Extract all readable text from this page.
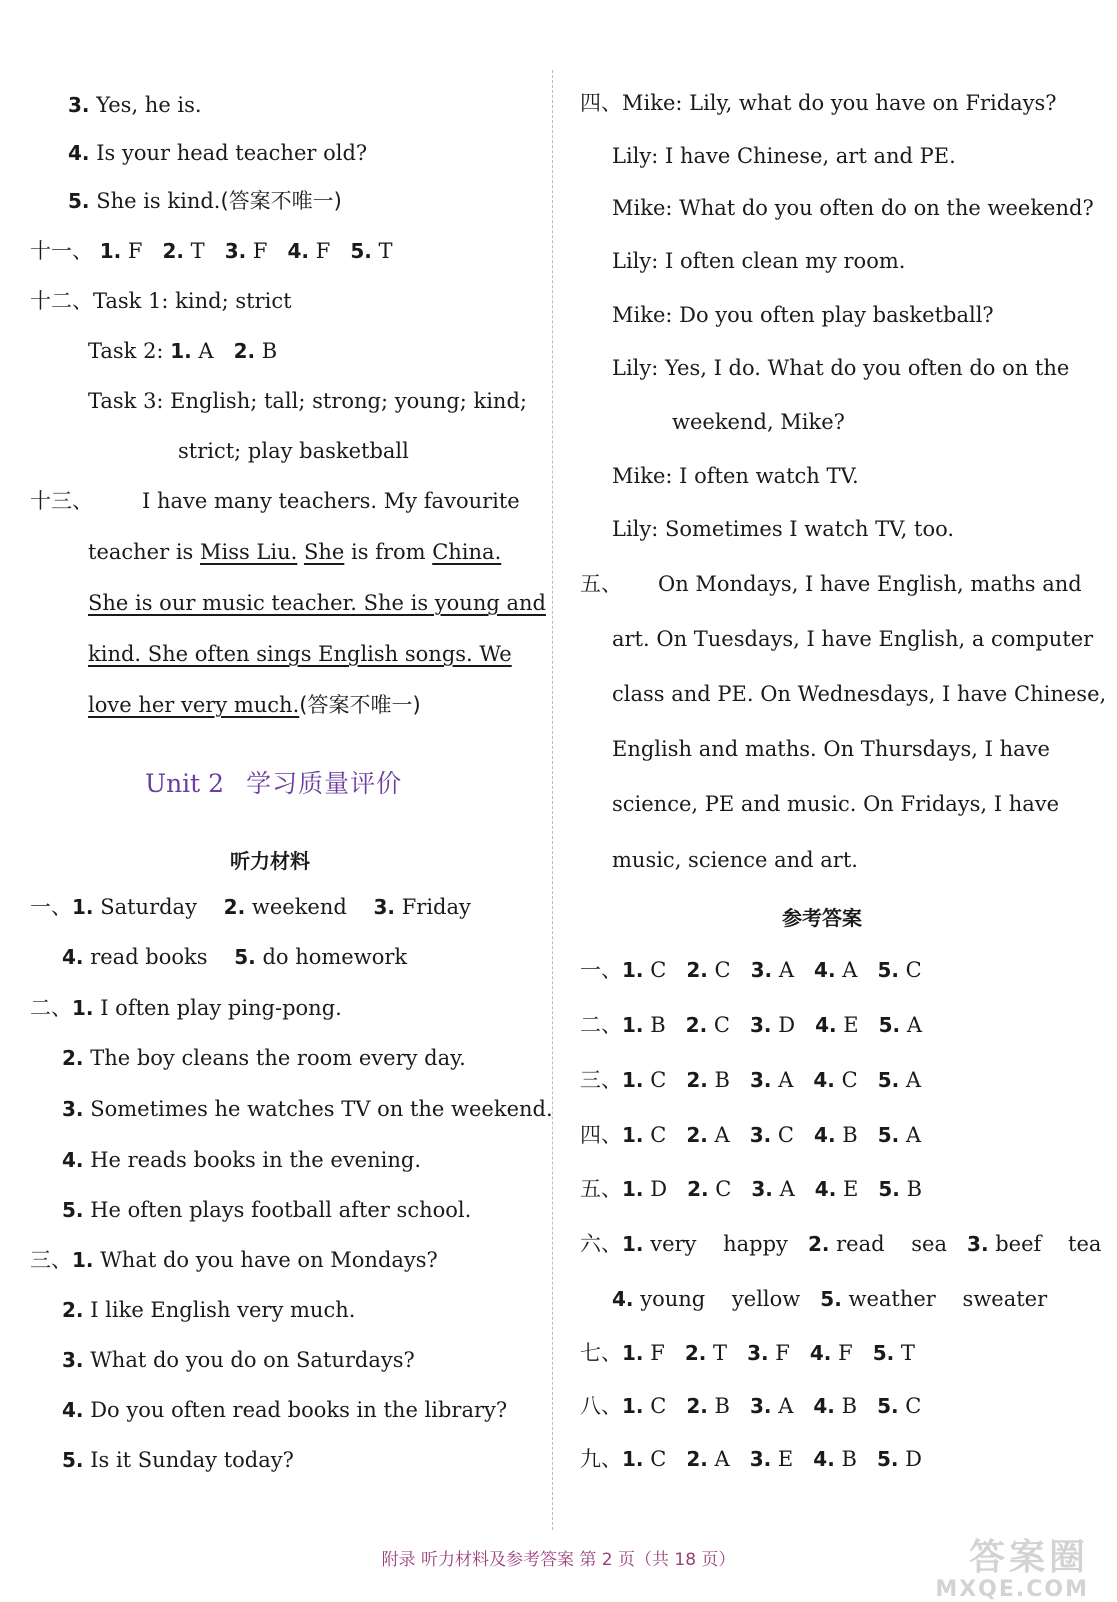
3. Yes, he is.
4. Is your head teacher old?
5. She is kind.(答案不唯一)
十一、 1. F 2. T 3. F 4. F 5. T
十二、Task 1: kind; strict
Task 2: 1. A 2. B
Task 3: English; tall; strong; young; kind;
strict; play basketball
十三、 I have many teachers. My favourite
teacher is Miss Liu. She is from China.
She is our music teacher. She is young and
kind. She often sings English songs. We
love her very much.(答案不唯一)
Unit 2 学习质量评价
听力材料
一、1. Saturday 2. weekend 3. Friday
4. read books 5. do homework
二、1. I often play ping-pong.
2. The boy cleans the room every day.
3. Sometimes he watches TV on the weekend.
4. He reads books in the evening.
5. He often plays football after school.
三、1. What do you have on Mondays?
2. I like English very much.
3. What do you do on Saturdays?
4. Do you often read books in the library?
5. Is it Sunday today?
四、Mike: Lily, what do you have on Fridays?
Lily: I have Chinese, art and PE.
Mike: What do you often do on the weekend?
Lily: I often clean my room.
Mike: Do you often play basketball?
Lily: Yes, I do. What do you often do on the
weekend, Mike?
Mike: I often watch TV.
Lily: Sometimes I watch TV, too.
五、 On Mondays, I have English, maths and
art. On Tuesdays, I have English, a computer
class and PE. On Wednesdays, I have Chinese,
English and maths. On Thursdays, I have
science, PE and music. On Fridays, I have
music, science and art.
参考答案
一、1. C 2. C 3. A 4. A 5. C
二、1. B 2. C 3. D 4. E 5. A
三、1. C 2. B 3. A 4. C 5. A
四、1. C 2. A 3. C 4. B 5. A
五、1. D 2. C 3. A 4. E 5. B
六、1. very    happy 2. read    sea 3. beef    tea
4. young    yellow 5. weather    sweater
七、1. F 2. T 3. F 4. F 5. T
八、1. C 2. B 3. A 4. B 5. C
九、1. C 2. A 3. E 4. B 5. D
附录 听力材料及参考答案 第 2 页（共 18 页）	答案圈
MXQE.COM
